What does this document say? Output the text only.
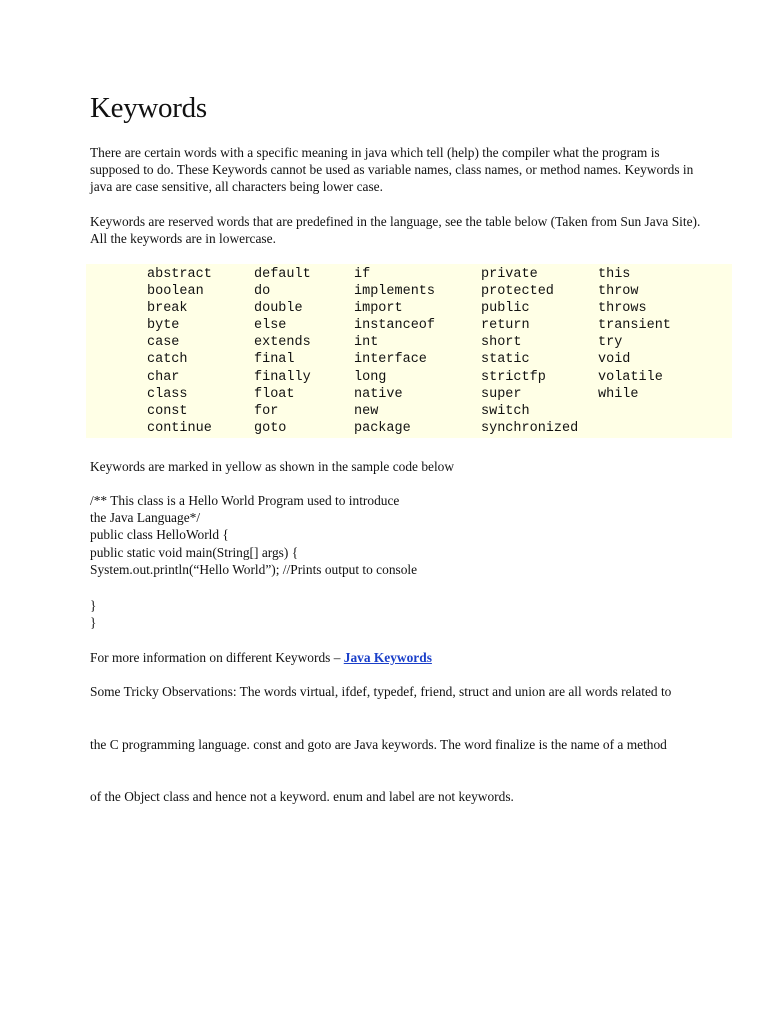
Keywords

There are certain words with a specific meaning in java which tell (help) the compiler what the program is supposed to do. These Keywords cannot be used as variable names, class names, or method names. Keywords in java are case sensitive, all characters being lower case.

Keywords are reserved words that are predefined in the language, see the table below (Taken from Sun Java Site). All the keywords are in lowercase.

abstract	default	if	private	this
boolean	do	implements	protected	throw
break	double	import	public	throws
byte	else	instanceof	return	transient
case	extends	int	short	try
catch	final	interface	static	void
char	finally	long	strictfp	volatile
class	float	native	super	while
const	for	new	switch	
continue	goto	package	synchronized	

Keywords are marked in yellow as shown in the sample code below

/** This class is a Hello World Program used to introduce
the Java Language*/
public class HelloWorld {
public static void main(String[] args) {
System.out.println(“Hello World”); //Prints output to console
}
}

For more information on different Keywords – Java Keywords

Some Tricky Observations: The words virtual, ifdef, typedef, friend, struct and union are all words related to

the C programming language. const and goto are Java keywords. The word finalize is the name of a method

of the Object class and hence not a keyword. enum and label are not keywords.
